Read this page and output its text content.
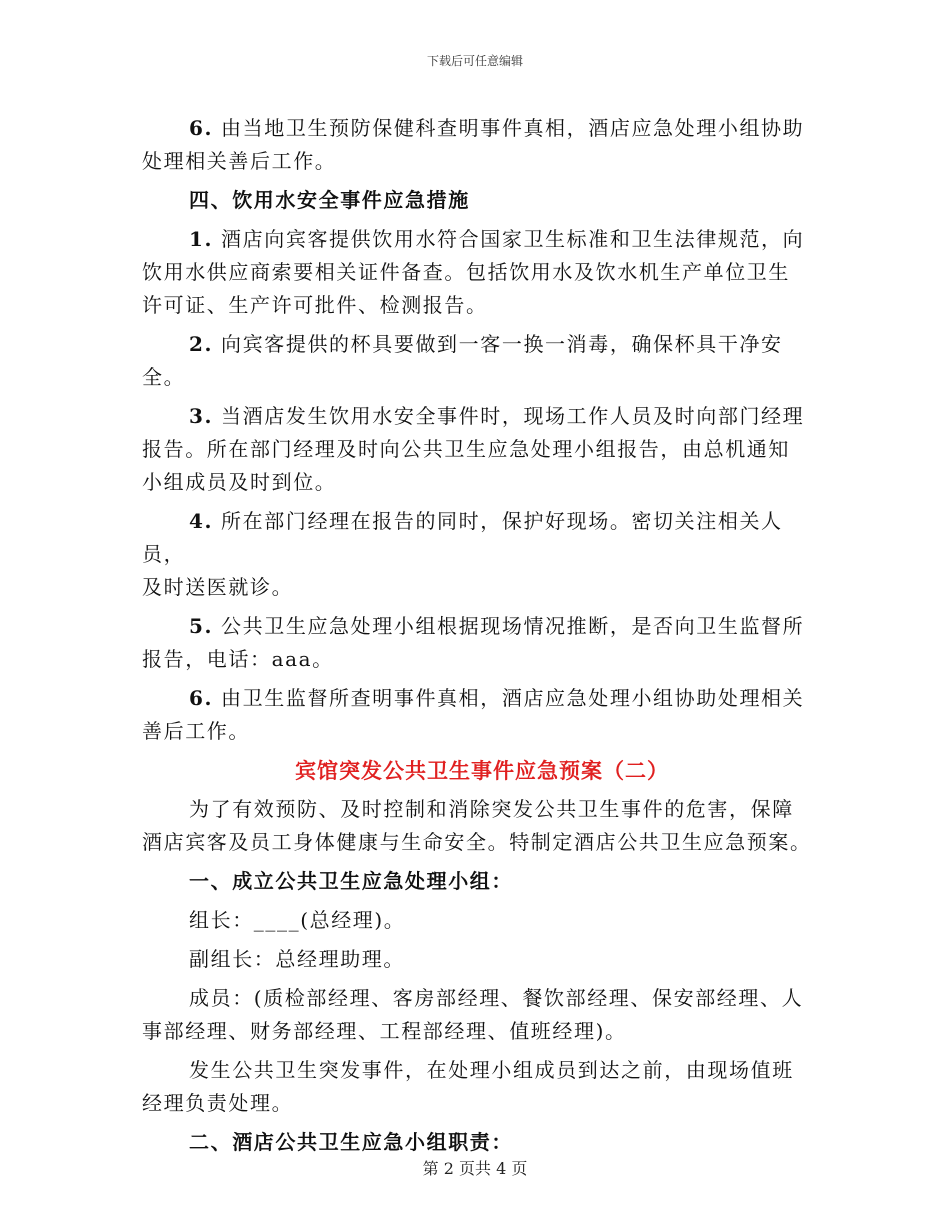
下载后可任意编辑

6. 由当地卫生预防保健科查明事件真相，酒店应急处理小组协助
处理相关善后工作。

四、饮用水安全事件应急措施

1. 酒店向宾客提供饮用水符合国家卫生标准和卫生法律规范，向
饮用水供应商索要相关证件备查。包括饮用水及饮水机生产单位卫生
许可证、生产许可批件、检测报告。

2. 向宾客提供的杯具要做到一客一换一消毒，确保杯具干净安全。

3. 当酒店发生饮用水安全事件时，现场工作人员及时向部门经理
报告。所在部门经理及时向公共卫生应急处理小组报告，由总机通知
小组成员及时到位。

4. 所在部门经理在报告的同时，保护好现场。密切关注相关人员，
及时送医就诊。

5. 公共卫生应急处理小组根据现场情况推断，是否向卫生监督所
报告，电话：aaa。

6. 由卫生监督所查明事件真相，酒店应急处理小组协助处理相关
善后工作。

宾馆突发公共卫生事件应急预案（二）

为了有效预防、及时控制和消除突发公共卫生事件的危害，保障
酒店宾客及员工身体健康与生命安全。特制定酒店公共卫生应急预案。

一、成立公共卫生应急处理小组：

组长：____(总经理)。

副组长：总经理助理。

成员：(质检部经理、客房部经理、餐饮部经理、保安部经理、人
事部经理、财务部经理、工程部经理、值班经理)。

发生公共卫生突发事件，在处理小组成员到达之前，由现场值班
经理负责处理。

二、酒店公共卫生应急小组职责：

第 2 页共 4 页
